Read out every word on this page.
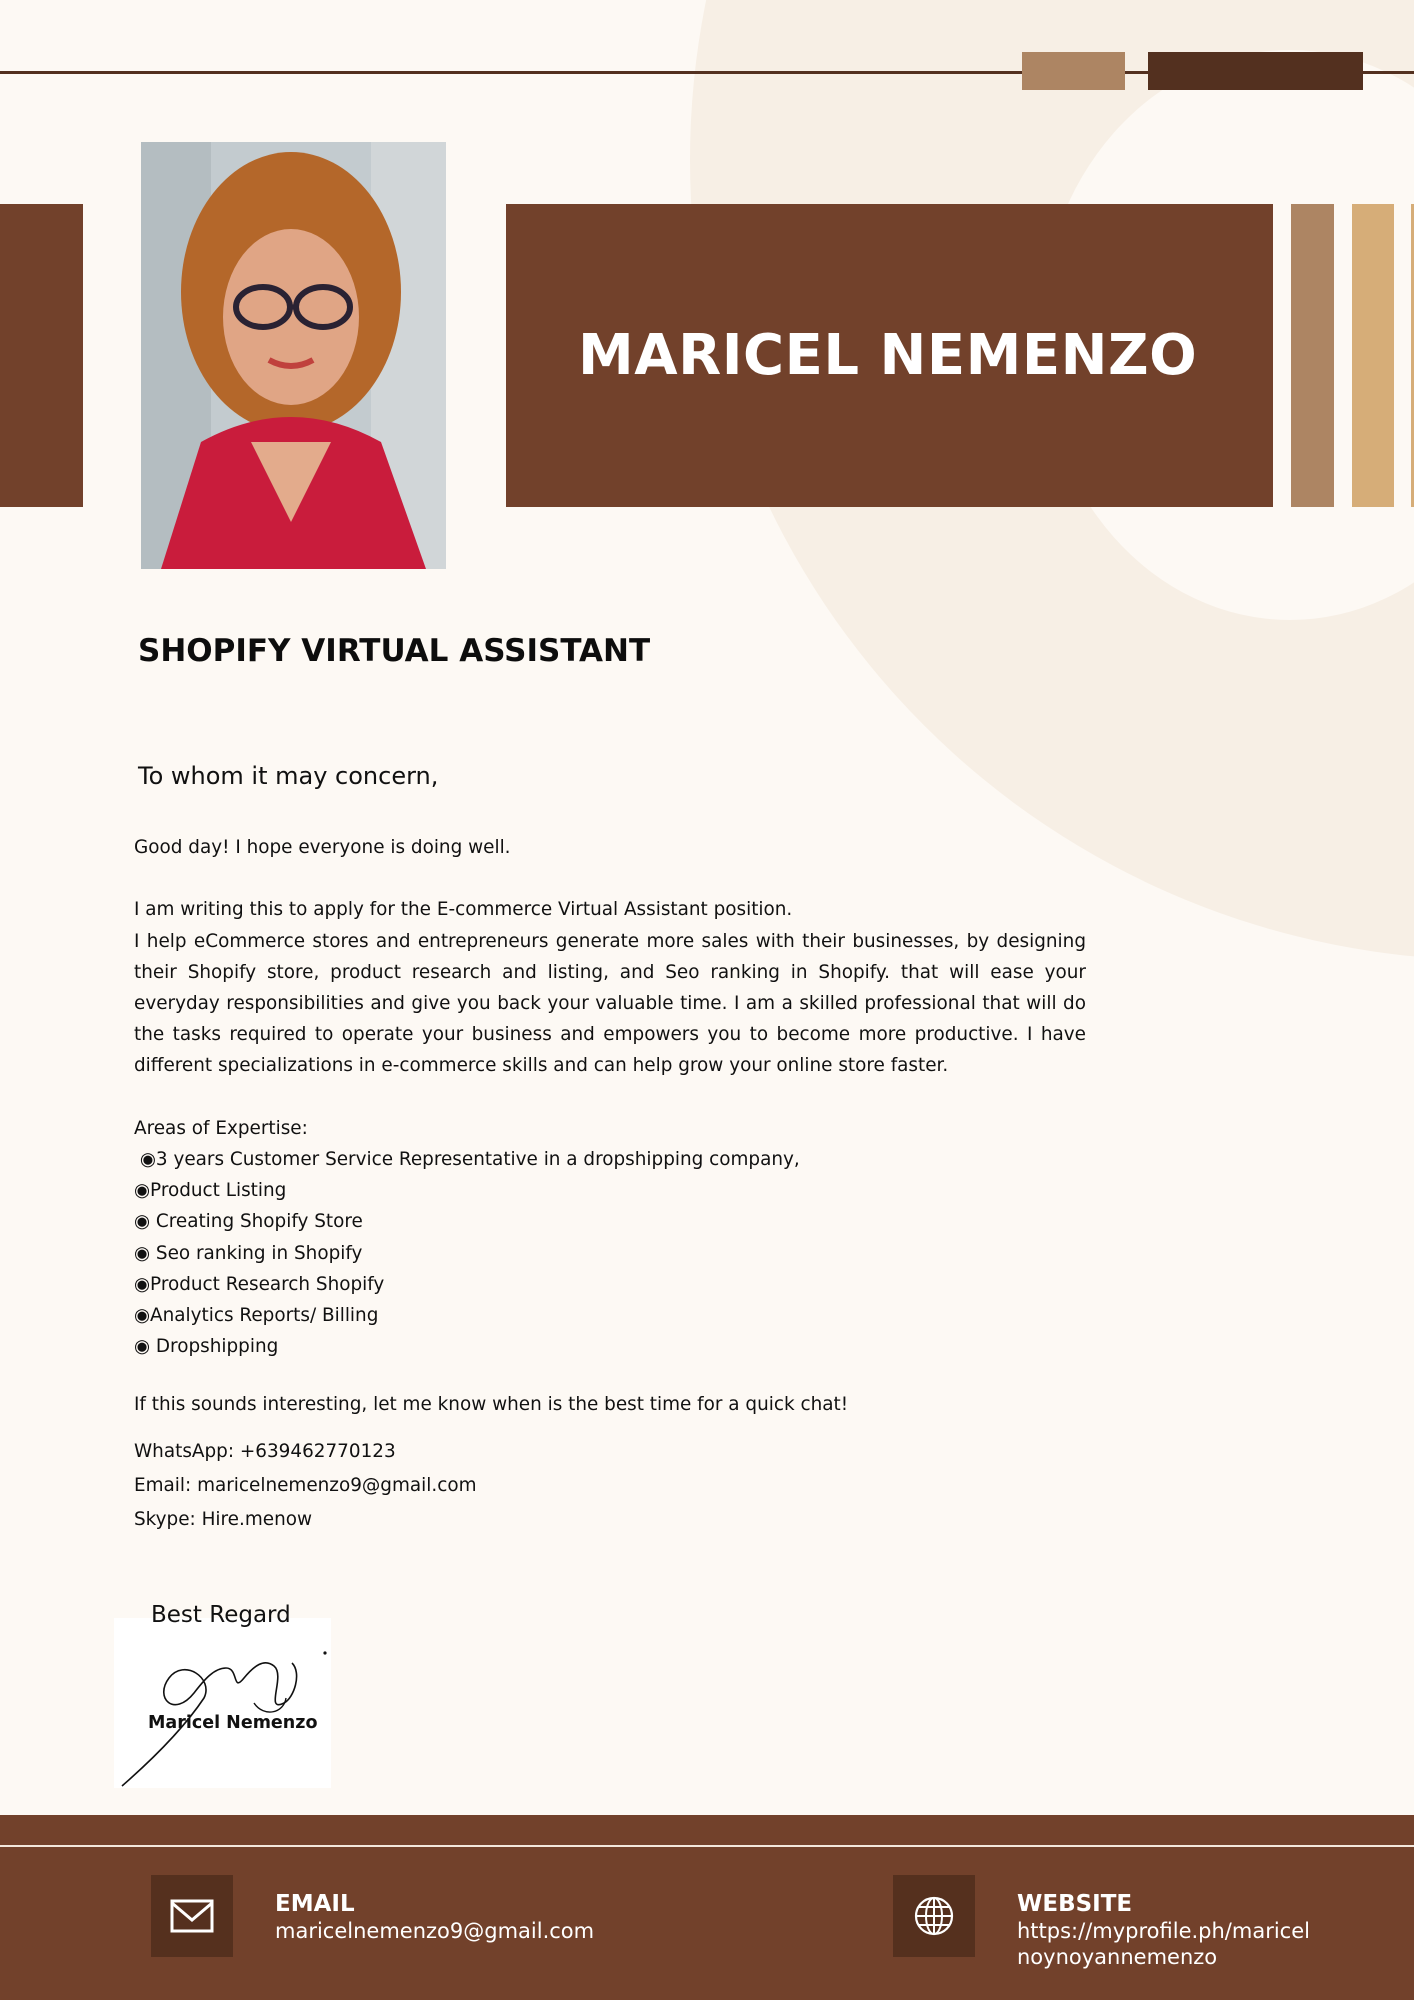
MARICEL NEMENZO
SHOPIFY VIRTUAL ASSISTANT
To whom it may concern,
Good day! I hope everyone is doing well.
I am writing this to apply for the E-commerce Virtual Assistant position.
I help eCommerce stores and entrepreneurs generate more sales with their businesses, by designing their Shopify store, product research and listing, and Seo ranking in Shopify. that will ease your everyday responsibilities and give you back your valuable time. I am a skilled professional that will do the tasks required to operate your business and empowers you to become more productive. I have different specializations in e-commerce skills and can help grow your online store faster.
Areas of Expertise:
◉3 years Customer Service Representative in a dropshipping company,
◉Product Listing
◉ Creating Shopify Store
◉ Seo ranking in Shopify
◉Product Research Shopify
◉Analytics Reports/ Billing
◉ Dropshipping
If this sounds interesting, let me know when is the best time for a quick chat!
WhatsApp: +639462770123
Email: maricelnemenzo9@gmail.com
Skype: Hire.menow
Maricel Nemenzo
Best Regard
EMAIL
maricelnemenzo9@gmail.com
WEBSITE
https://myprofile.ph/maricel
noynoyannemenzo
